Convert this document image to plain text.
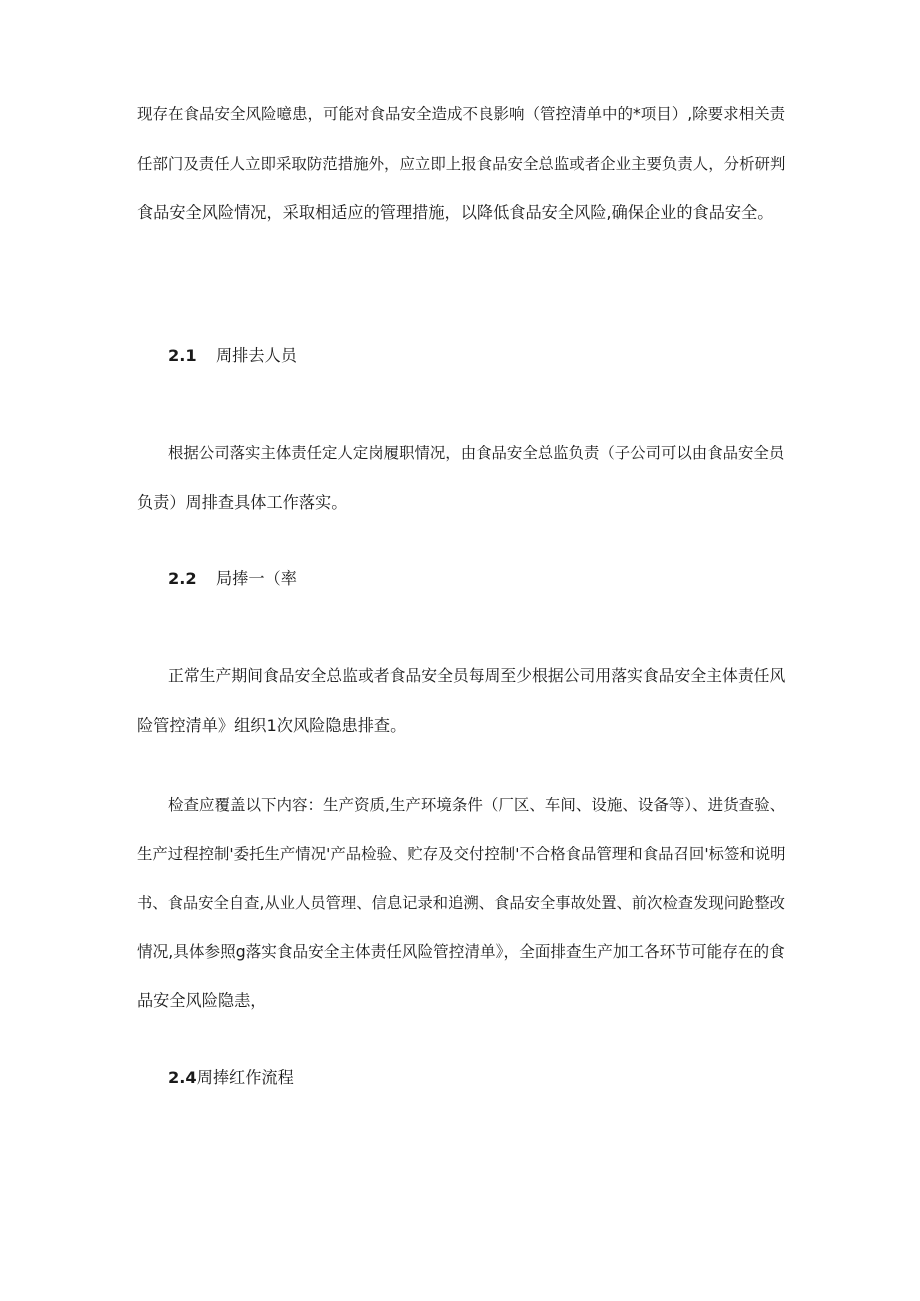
现存在食品安全风险噫患，可能对食品安全造成不良影响（管控清单中的*项目）,除要求相关责
任部门及责任人立即采取防范措施外，应立即上报食品安全总监或者企业主要负责人，分析研判
食品安全风险情况，采取相适应的管理措施，以降低食品安全风险,确保企业的食品安全。
2.1 周排去人员
根据公司落实主体责任定人定岗履职情况，由食品安全总监负责（子公司可以由食品安全员
负责）周排查具体工作落实。
2.2 局捧一（率
正常生产期间食品安全总监或者食品安全员每周至少根据公司用落实食品安全主体责任风
险管控清单》组织1次风险隐患排查。
检查应覆盖以下内容：生产资质,生产环境条件（厂区、车间、设施、设备等）、进货查验、
生产过程控制'委托生产情况'产品检验、贮存及交付控制'不合格食品管理和食品召回'标签和说明
书、食品安全自查,从业人员管理、信息记录和追溯、食品安全事故处置、前次检查发现问跄整改
情况,具体参照g落实食品安全主体责任风险管控清单》，全面排查生产加工各环节可能存在的食
品安全风险隐恚，
2.4周捧红作流程
